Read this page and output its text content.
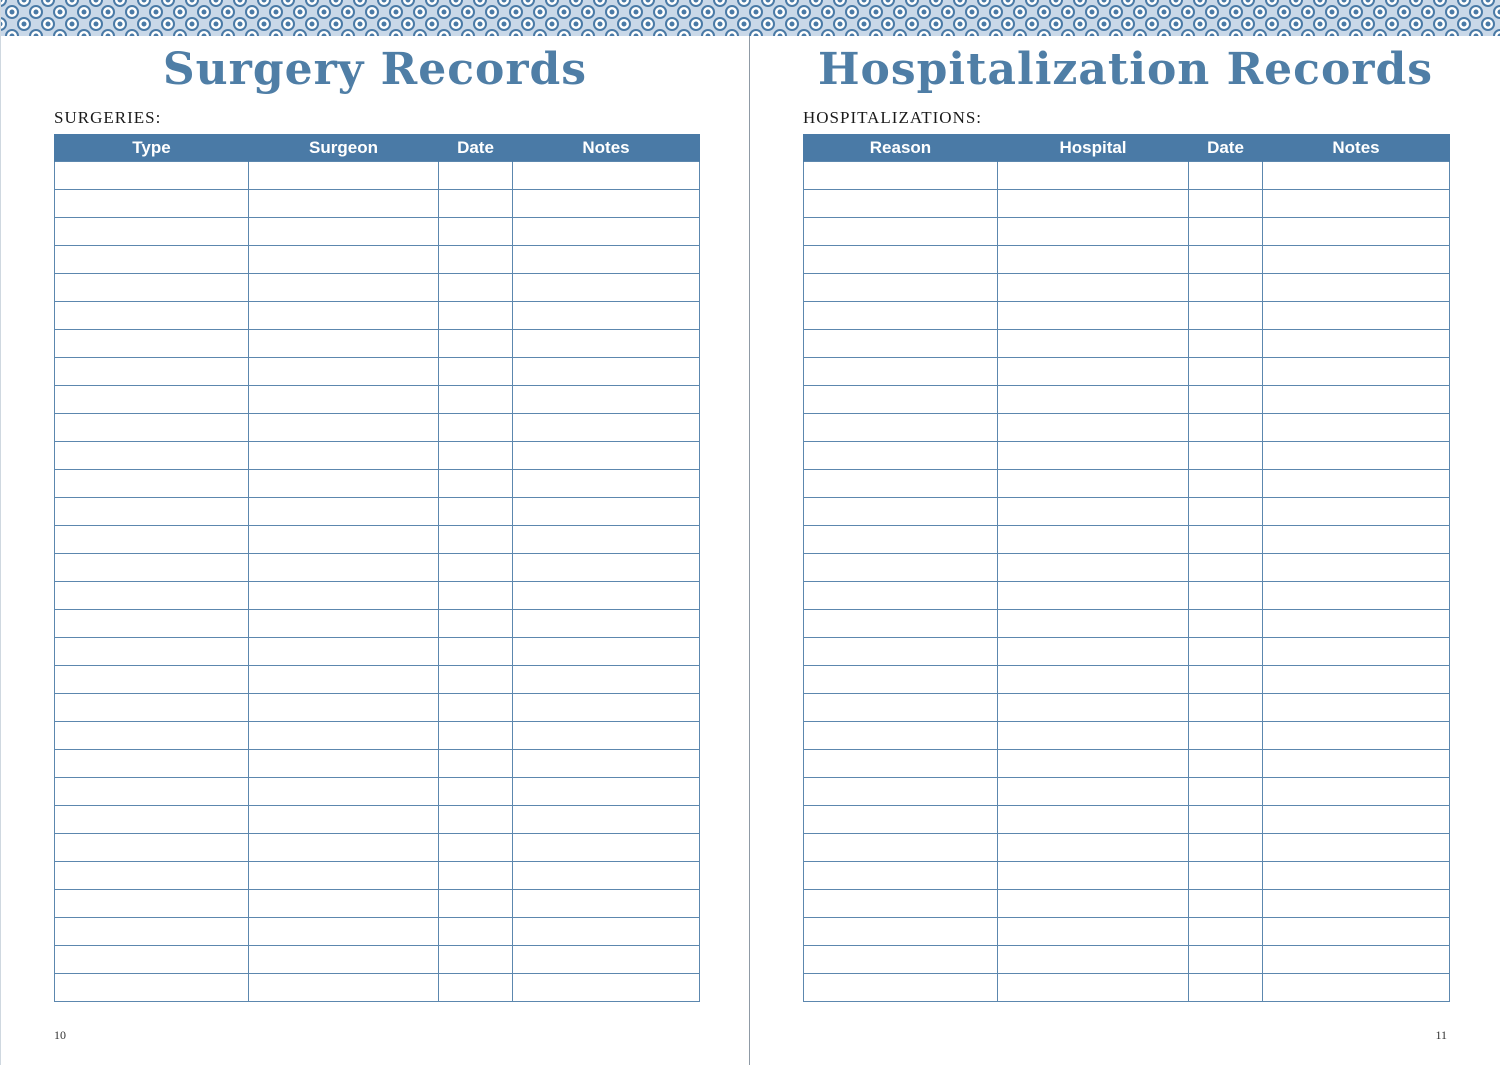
Surgery Records
SURGERIES:
Type	Surgeon	Date	Notes

10
Hospitalization Records
HOSPITALIZATIONS:
Reason	Hospital	Date	Notes

11
